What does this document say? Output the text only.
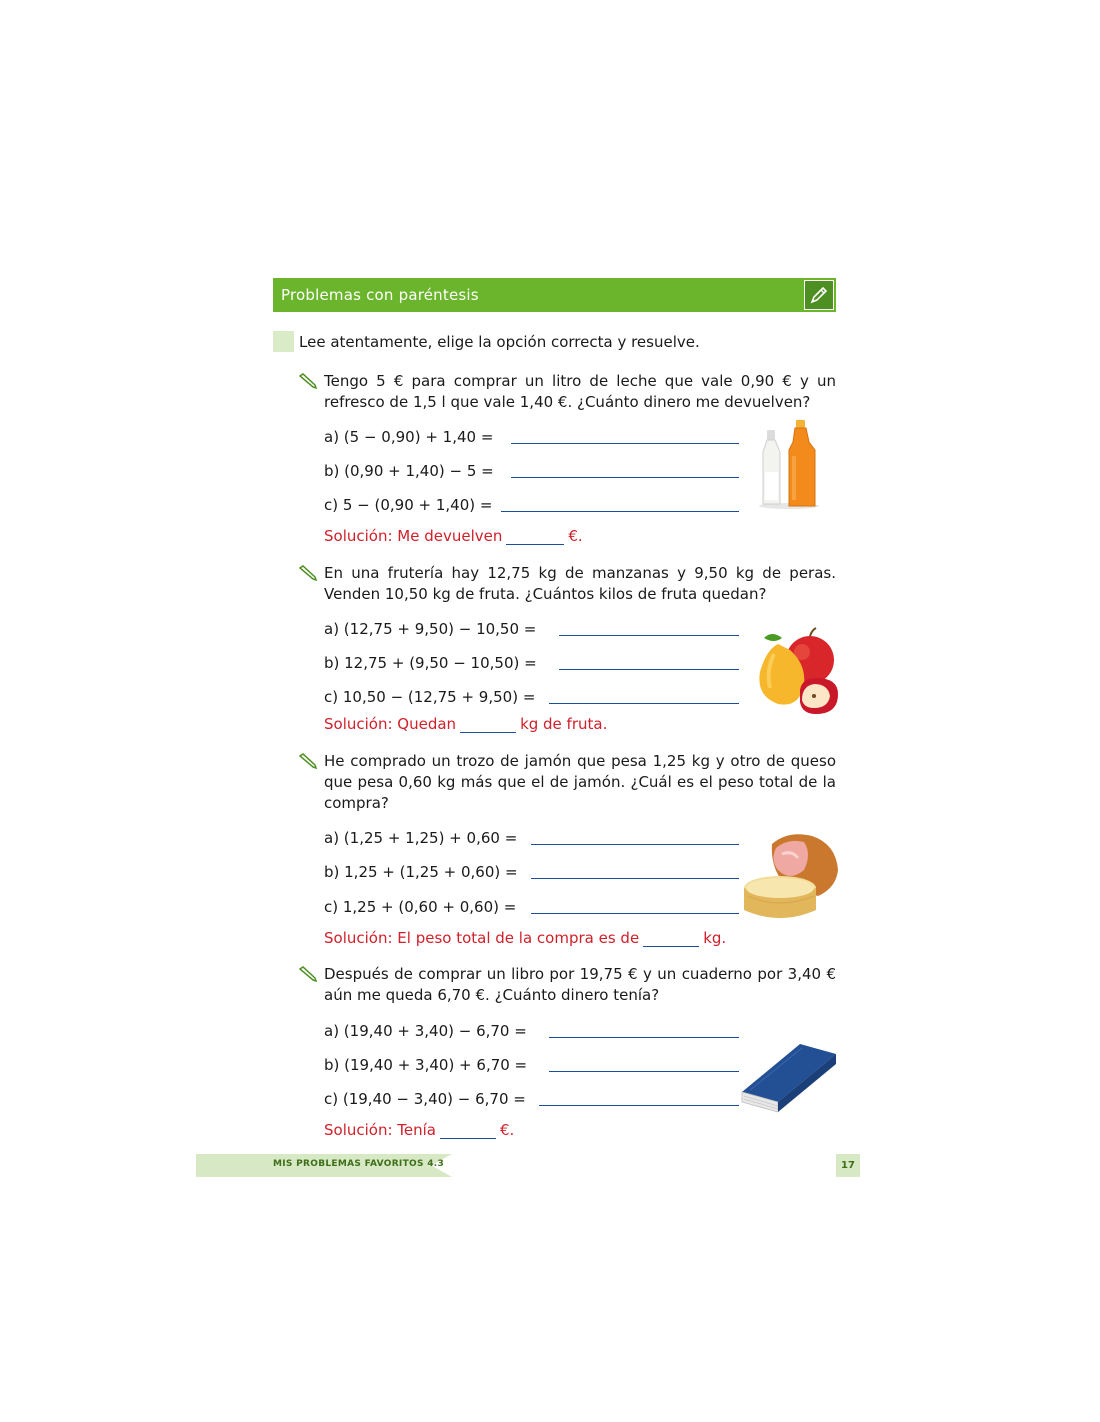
Problemas con paréntesis
Lee atentamente, elige la opción correcta y resuelve.
Tengo 5 € para comprar un litro de leche que vale 0,90 € y un refresco de 1,5 l que vale 1,40 €. ¿Cuánto dinero me devuelven?
a) (5 − 0,90) + 1,40 =
b) (0,90 + 1,40) − 5 =
c) 5 − (0,90 + 1,40) =
Solución: Me devuelven	€.
En una frutería hay 12,75 kg de manzanas y 9,50 kg de peras. Venden 10,50 kg de fruta. ¿Cuántos kilos de fruta quedan?
a) (12,75 + 9,50) − 10,50 =
b) 12,75 + (9,50 − 10,50) =
c) 10,50 − (12,75 + 9,50) =
Solución: Quedan	kg de fruta.
He comprado un trozo de jamón que pesa 1,25 kg y otro de queso que pesa 0,60 kg más que el de jamón. ¿Cuál es el peso total de la compra?
a) (1,25 + 1,25) + 0,60 =
b) 1,25 + (1,25 + 0,60) =
c) 1,25 + (0,60 + 0,60) =
Solución: El peso total de la compra es de	kg.
Después de comprar un libro por 19,75 € y un cuaderno por 3,40 € aún me queda 6,70 €. ¿Cuánto dinero tenía?
a) (19,40 + 3,40) − 6,70 =
b) (19,40 + 3,40) + 6,70 =
c) (19,40 − 3,40) − 6,70 =
Solución: Tenía	€.
MIS PROBLEMAS FAVORITOS 4.3	17
